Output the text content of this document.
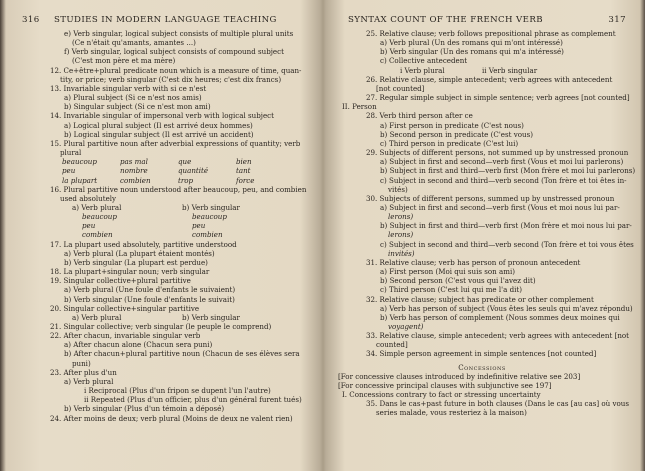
316 STUDIES IN MODERN LANGUAGE TEACHING
e) Verb singular, logical subject consists of multiple plural units
(Ce n'était qu'amants, amantes ...)
f) Verb singular, logical subject consists of compound subject
(C'est mon père et ma mère)
12. Ce+être+plural predicate noun which is a measure of time, quan-
tity, or price; verb singular (C'est dix heures; c'est dix francs)
13. Invariable singular verb with si ce n'est
a) Plural subject (Si ce n'est nos amis)
b) Singular subject (Si ce n'est mon ami)
14. Invariable singular of impersonal verb with logical subject
a) Logical plural subject (Il est arrivé deux hommes)
b) Logical singular subject (Il est arrivé un accident)
15. Plural partitive noun after adverbial expressions of quantity; verb
plural
beaucoup	pas mal	que	bien
peu	nombre	quantité	tant
la plupart	combien	trop	force
16. Plural partitive noun understood after beaucoup, peu, and combien
used absolutely
a) Verb plural	b) Verb singular
beaucoup	beaucoup
peu	peu
combien	combien
17. La plupart used absolutely, partitive understood
a) Verb plural (La plupart étaient montés)
b) Verb singular (La plupart est perdue)
18. La plupart+singular noun; verb singular
19. Singular collective+plural partitive
a) Verb plural (Une foule d'enfants le suivaient)
b) Verb singular (Une foule d'enfants le suivait)
20. Singular collective+singular partitive
a) Verb plural	b) Verb singular
21. Singular collective; verb singular (le peuple le comprend)
22. After chacun, invariable singular verb
a) After chacun alone (Chacun sera puni)
b) After chacun+plural partitive noun (Chacun de ses élèves sera
puni)
23. After plus d'un
a) Verb plural
i Reciprocal (Plus d'un fripon se dupent l'un l'autre)
ii Repeated (Plus d'un officier, plus d'un général furent tués)
b) Verb singular (Plus d'un témoin a déposé)
24. After moins de deux; verb plural (Moins de deux ne valent rien)
SYNTAX COUNT OF THE FRENCH VERB	317
25. Relative clause; verb follows prepositional phrase as complement
a) Verb plural (Un des romans qui m'ont intéressé)
b) Verb singular (Un des romans qui m'a intéressé)
c) Collective antecedent
i Verb plural	ii Verb singular
26. Relative clause, simple antecedent; verb agrees with antecedent
[not counted]
27. Regular simple subject in simple sentence; verb agrees [not counted]
II. Person
28. Verb third person after ce
a) First person in predicate (C'est nous)
b) Second person in predicate (C'est vous)
c) Third person in predicate (C'est lui)
29. Subjects of different persons, not summed up by unstressed pronoun
a) Subject in first and second—verb first (Vous et moi lui parlerons)
b) Subject in first and third—verb first (Mon frère et moi lui parlerons)
c) Subject in second and third—verb second (Ton frère et toi êtes in-
vités)
30. Subjects of different persons, summed up by unstressed pronoun
a) Subject in first and second—verb first (Vous et moi nous lui par-
lerons)
b) Subject in first and third—verb first (Mon frère et moi nous lui par-
lerons)
c) Subject in second and third—verb second (Ton frère et toi vous êtes
invités)
31. Relative clause; verb has person of pronoun antecedent
a) First person (Moi qui suis son ami)
b) Second person (C'est vous qui l'avez dit)
c) Third person (C'est lui qui me l'a dit)
32. Relative clause; subject has predicate or other complement
a) Verb has person of subject (Vous êtes les seuls qui m'avez répondu)
b) Verb has person of complement (Nous sommes deux moines qui
voyagent)
33. Relative clause, simple antecedent; verb agrees with antecedent [not
counted]
34. Simple person agreement in simple sentences [not counted]
Concessions
[For concessive clauses introduced by indefinitive relative see 203]
[For concessive principal clauses with subjunctive see 197]
I. Concessions contrary to fact or stressing uncertainty
35. Dans le cas+past future in both clauses (Dans le cas [au cas] où vous
series malade, vous resteriez à la maison)
